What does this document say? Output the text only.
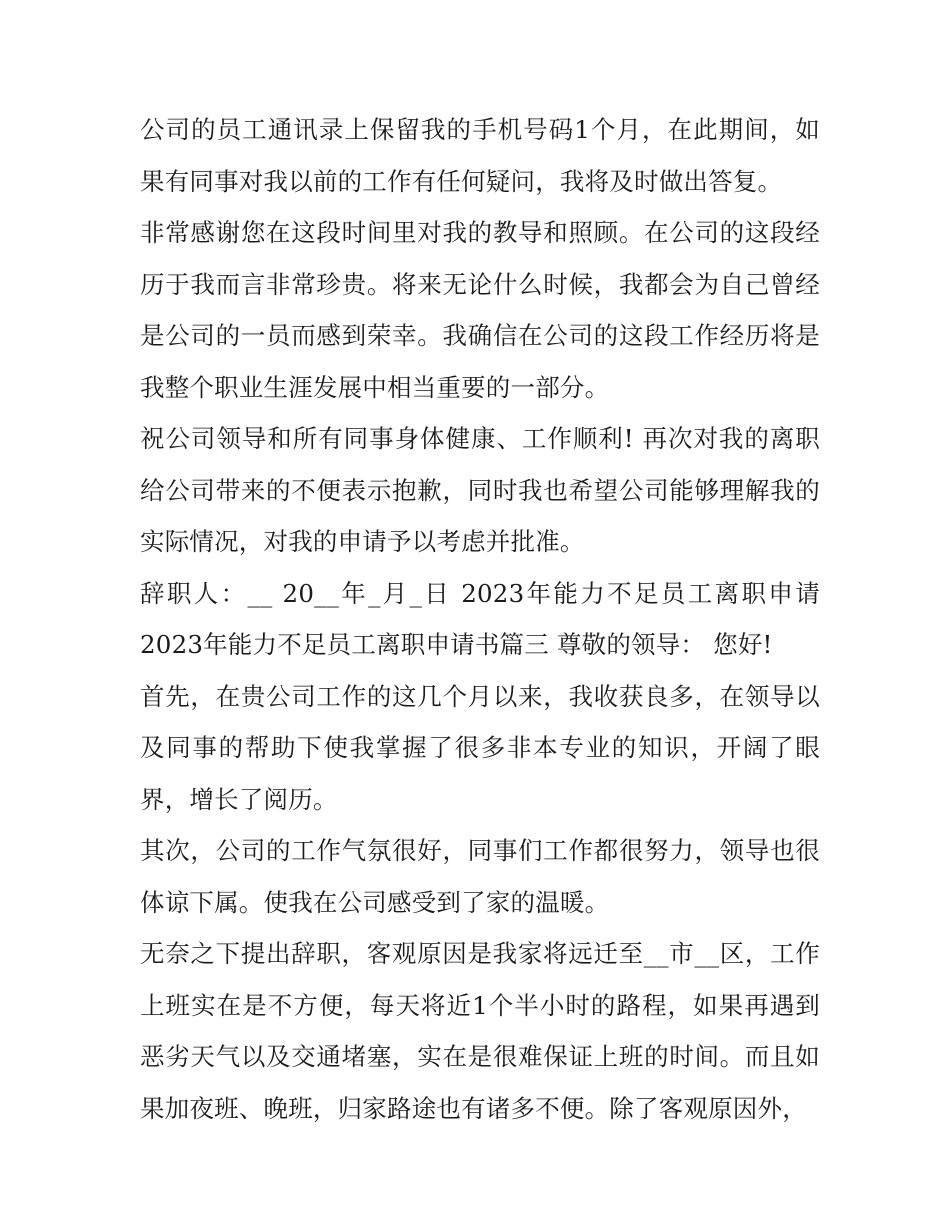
公司的员工通讯录上保留我的手机号码1个月，在此期间，如果有同事对我以前的工作有任何疑问，我将及时做出答复。

非常感谢您在这段时间里对我的教导和照顾。在公司的这段经历于我而言非常珍贵。将来无论什么时候，我都会为自己曾经是公司的一员而感到荣幸。我确信在公司的这段工作经历将是我整个职业生涯发展中相当重要的一部分。

祝公司领导和所有同事身体健康、工作顺利! 再次对我的离职给公司带来的不便表示抱歉，同时我也希望公司能够理解我的实际情况，对我的申请予以考虑并批准。

辞职人：__ 20__年_月_日 2023年能力不足员工离职申请 2023年能力不足员工离职申请书篇三 尊敬的领导： 您好!

首先，在贵公司工作的这几个月以来，我收获良多，在领导以及同事的帮助下使我掌握了很多非本专业的知识，开阔了眼界，增长了阅历。

其次，公司的工作气氛很好，同事们工作都很努力，领导也很体谅下属。使我在公司感受到了家的温暖。

无奈之下提出辞职，客观原因是我家将远迁至__市__区，工作上班实在是不方便，每天将近1个半小时的路程，如果再遇到恶劣天气以及交通堵塞，实在是很难保证上班的时间。而且如果加夜班、晚班，归家路途也有诸多不便。除了客观原因外，
